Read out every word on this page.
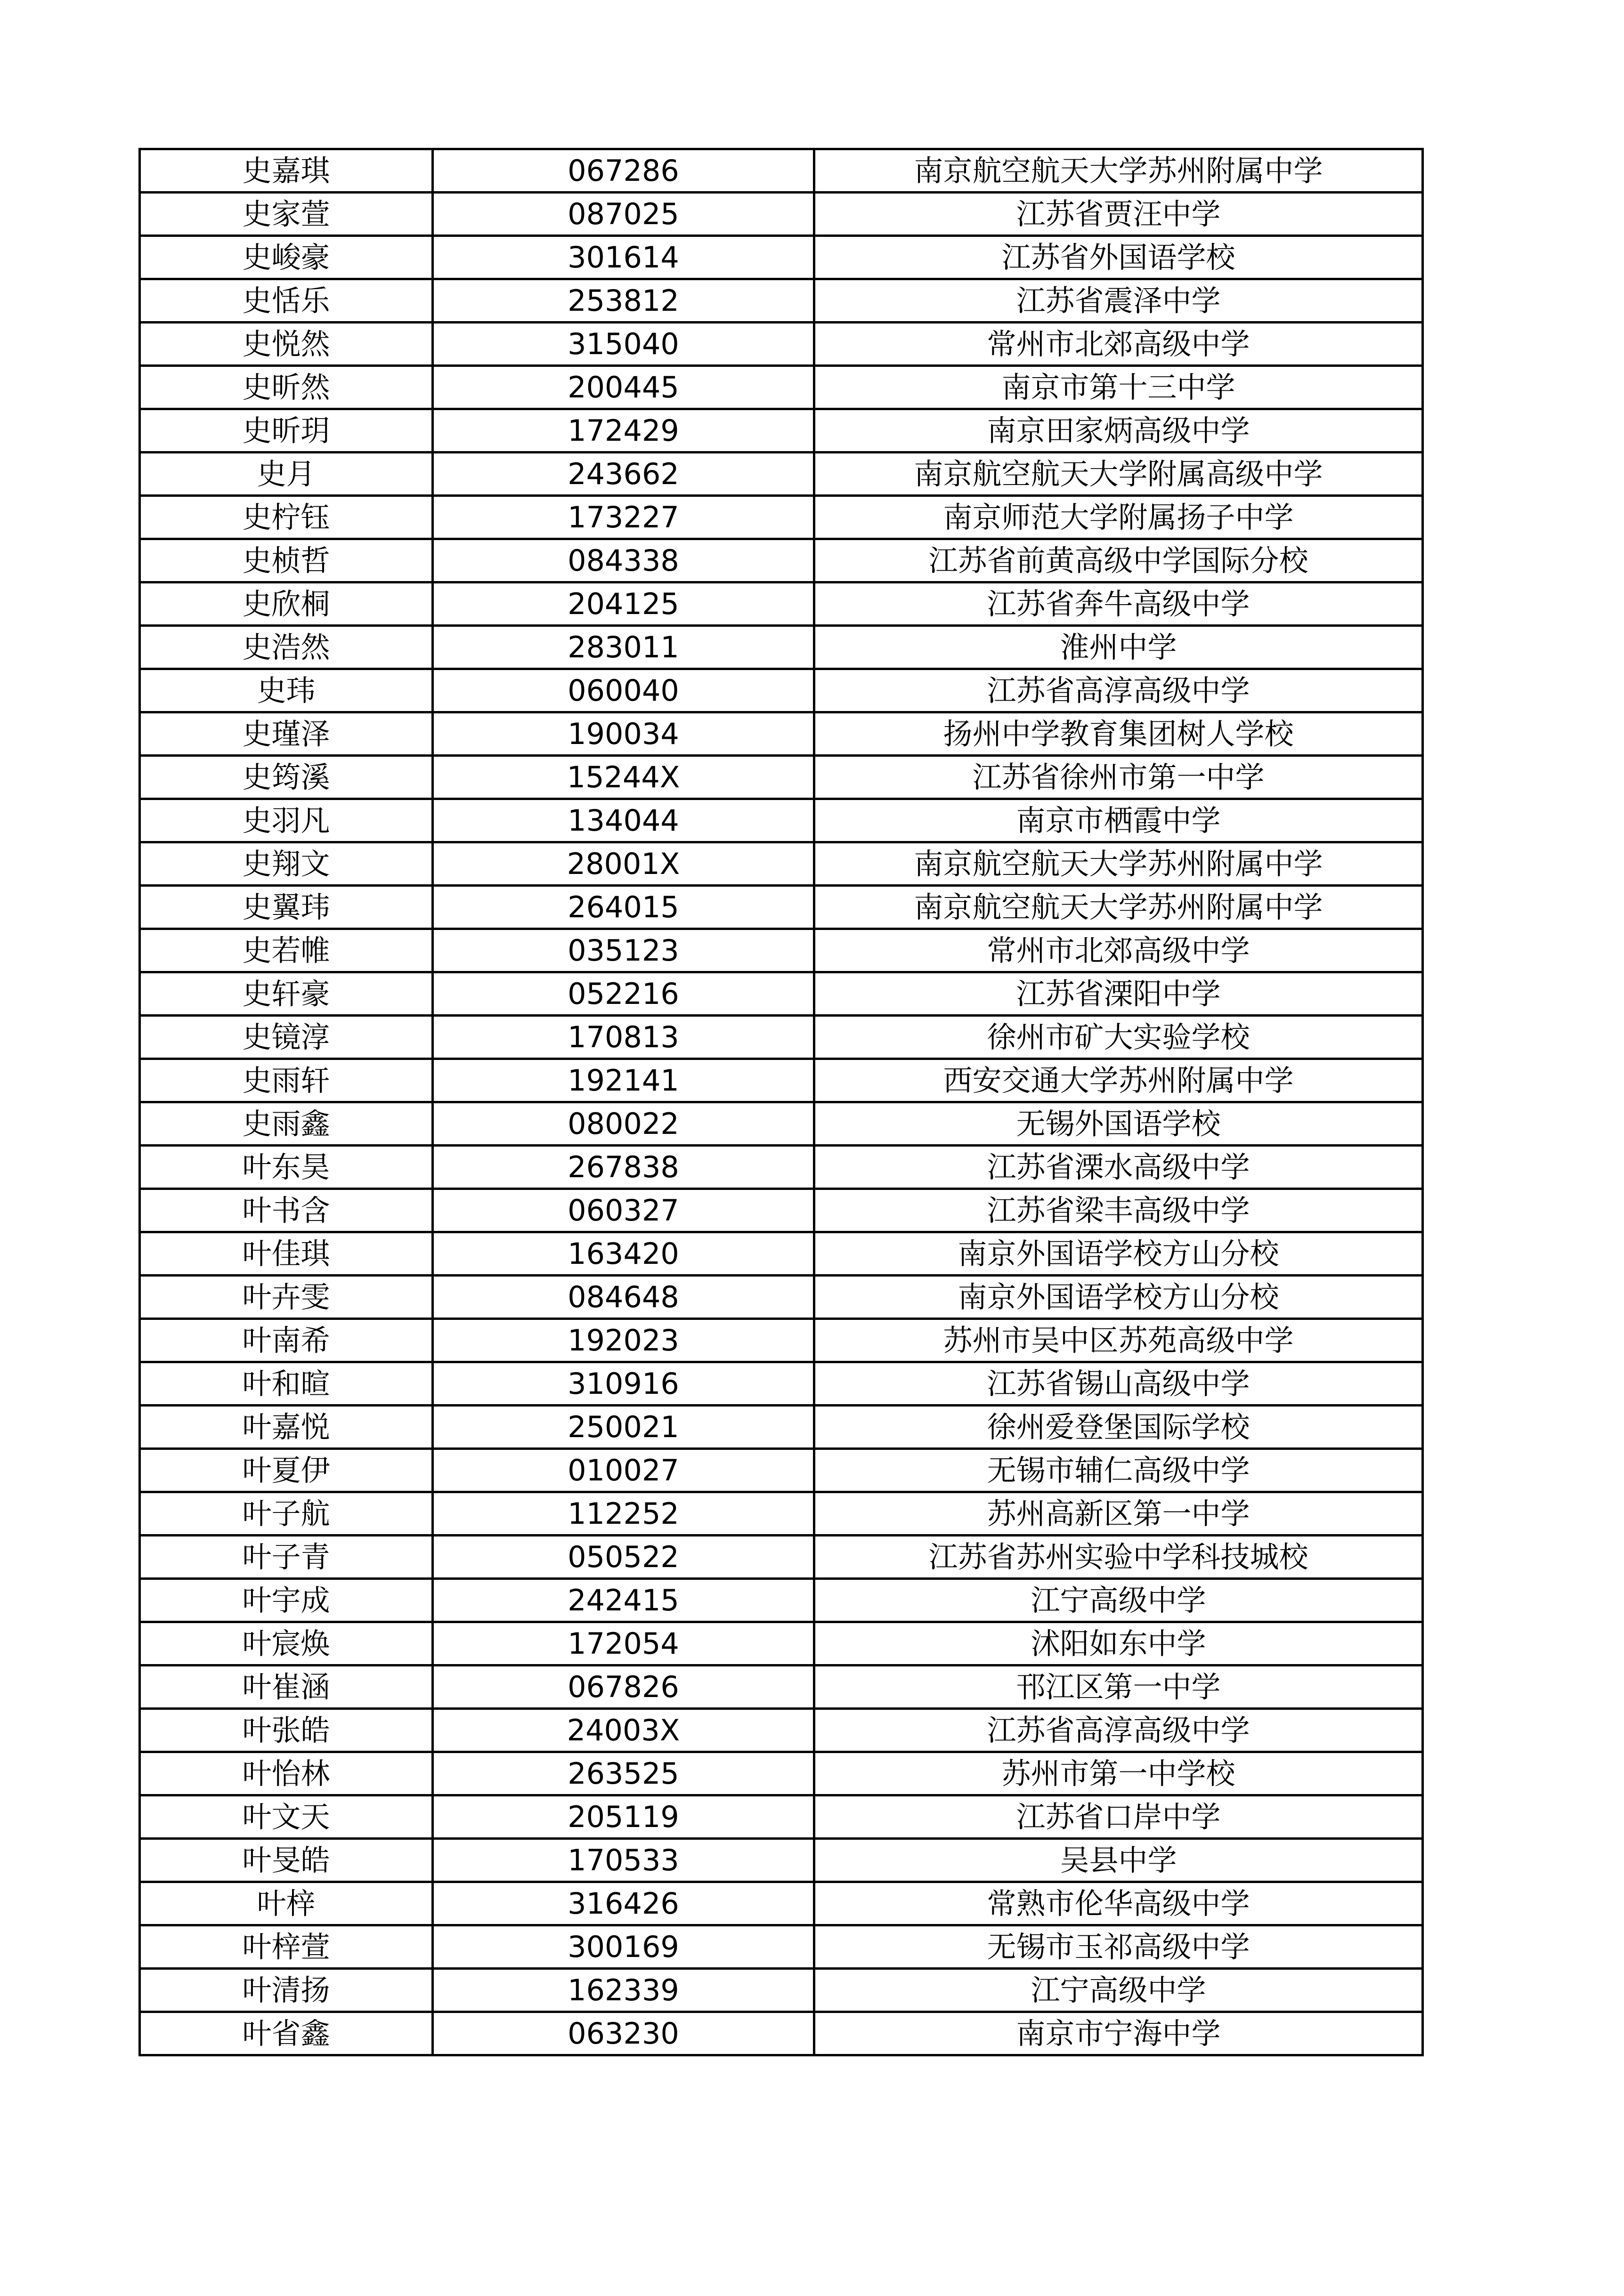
史嘉琪	067286	南京航空航天大学苏州附属中学
史家萱	087025	江苏省贾汪中学
史峻豪	301614	江苏省外国语学校
史恬乐	253812	江苏省震泽中学
史悦然	315040	常州市北郊高级中学
史昕然	200445	南京市第十三中学
史昕玥	172429	南京田家炳高级中学
史月	243662	南京航空航天大学附属高级中学
史柠钰	173227	南京师范大学附属扬子中学
史桢哲	084338	江苏省前黄高级中学国际分校
史欣桐	204125	江苏省奔牛高级中学
史浩然	283011	淮州中学
史玮	060040	江苏省高淳高级中学
史瑾泽	190034	扬州中学教育集团树人学校
史筠溪	15244X	江苏省徐州市第一中学
史羽凡	134044	南京市栖霞中学
史翔文	28001X	南京航空航天大学苏州附属中学
史翼玮	264015	南京航空航天大学苏州附属中学
史若帷	035123	常州市北郊高级中学
史轩豪	052216	江苏省溧阳中学
史镜淳	170813	徐州市矿大实验学校
史雨轩	192141	西安交通大学苏州附属中学
史雨鑫	080022	无锡外国语学校
叶东昊	267838	江苏省溧水高级中学
叶书含	060327	江苏省梁丰高级中学
叶佳琪	163420	南京外国语学校方山分校
叶卉雯	084648	南京外国语学校方山分校
叶南希	192023	苏州市吴中区苏苑高级中学
叶和暄	310916	江苏省锡山高级中学
叶嘉悦	250021	徐州爱登堡国际学校
叶夏伊	010027	无锡市辅仁高级中学
叶子航	112252	苏州高新区第一中学
叶子青	050522	江苏省苏州实验中学科技城校
叶宇成	242415	江宁高级中学
叶宸焕	172054	沭阳如东中学
叶崔涵	067826	邗江区第一中学
叶张皓	24003X	江苏省高淳高级中学
叶怡林	263525	苏州市第一中学校
叶文天	205119	江苏省口岸中学
叶旻皓	170533	吴县中学
叶梓	316426	常熟市伦华高级中学
叶梓萱	300169	无锡市玉祁高级中学
叶清扬	162339	江宁高级中学
叶省鑫	063230	南京市宁海中学
